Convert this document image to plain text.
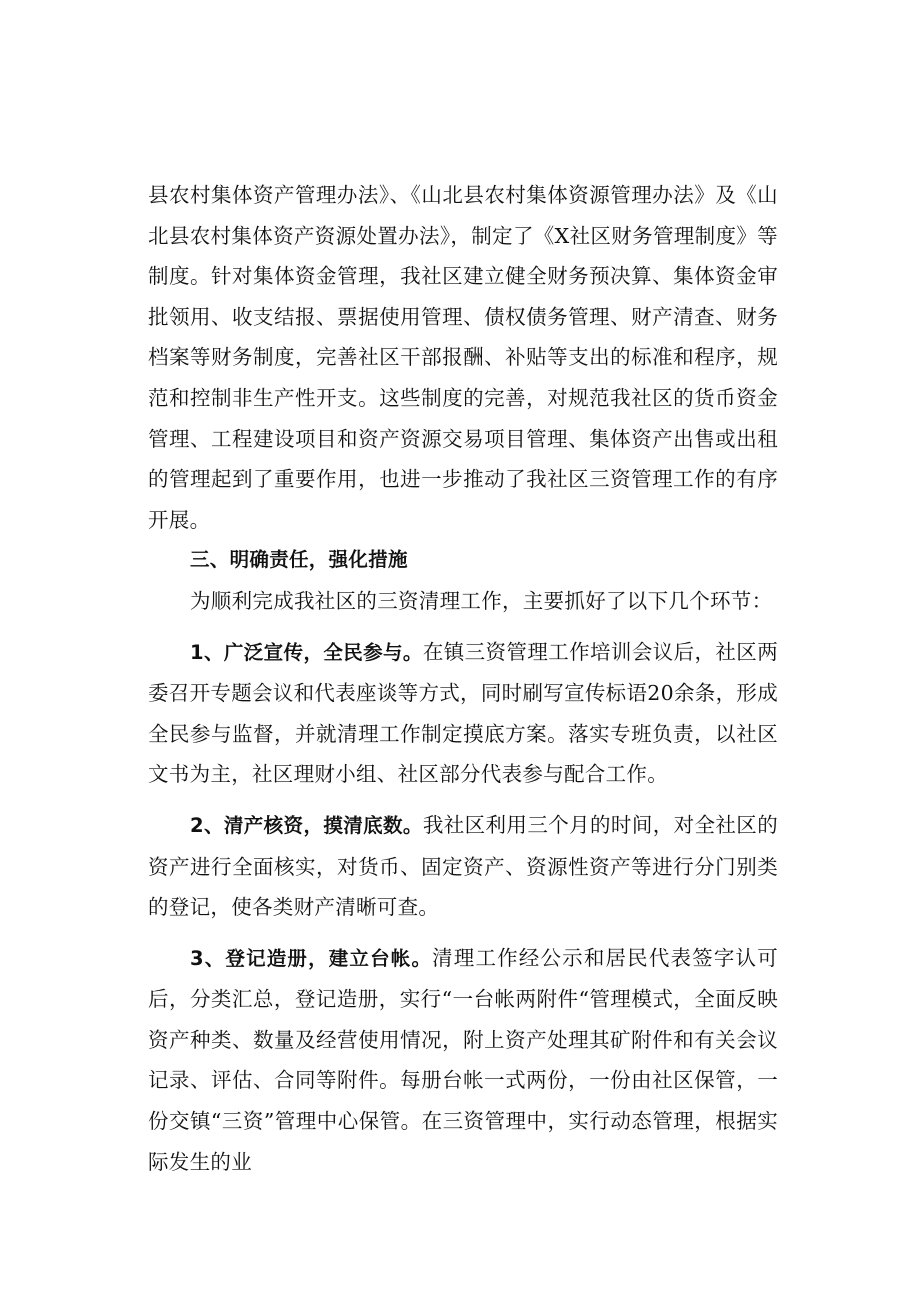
县农村集体资产管理办法》、《山北县农村集体资源管理办法》及《山北县农村集体资产资源处置办法》，制定了《X社区财务管理制度》等制度。针对集体资金管理，我社区建立健全财务预决算、集体资金审批领用、收支结报、票据使用管理、债权债务管理、财产清查、财务档案等财务制度，完善社区干部报酬、补贴等支出的标准和程序，规范和控制非生产性开支。这些制度的完善，对规范我社区的货币资金管理、工程建设项目和资产资源交易项目管理、集体资产出售或出租的管理起到了重要作用，也进一步推动了我社区三资管理工作的有序开展。

三、明确责任，强化措施

为顺利完成我社区的三资清理工作，主要抓好了以下几个环节：

1、广泛宣传，全民参与。在镇三资管理工作培训会议后，社区两委召开专题会议和代表座谈等方式，同时刷写宣传标语20余条，形成全民参与监督，并就清理工作制定摸底方案。落实专班负责，以社区文书为主，社区理财小组、社区部分代表参与配合工作。

2、清产核资，摸清底数。我社区利用三个月的时间，对全社区的资产进行全面核实，对货币、固定资产、资源性资产等进行分门别类的登记，使各类财产清晰可查。

3、登记造册，建立台帐。清理工作经公示和居民代表签字认可后，分类汇总，登记造册，实行“一台帐两附件“管理模式，全面反映资产种类、数量及经营使用情况，附上资产处理其矿附件和有关会议记录、评估、合同等附件。每册台帐一式两份，一份由社区保管，一份交镇“三资”管理中心保管。在三资管理中，实行动态管理，根据实际发生的业
